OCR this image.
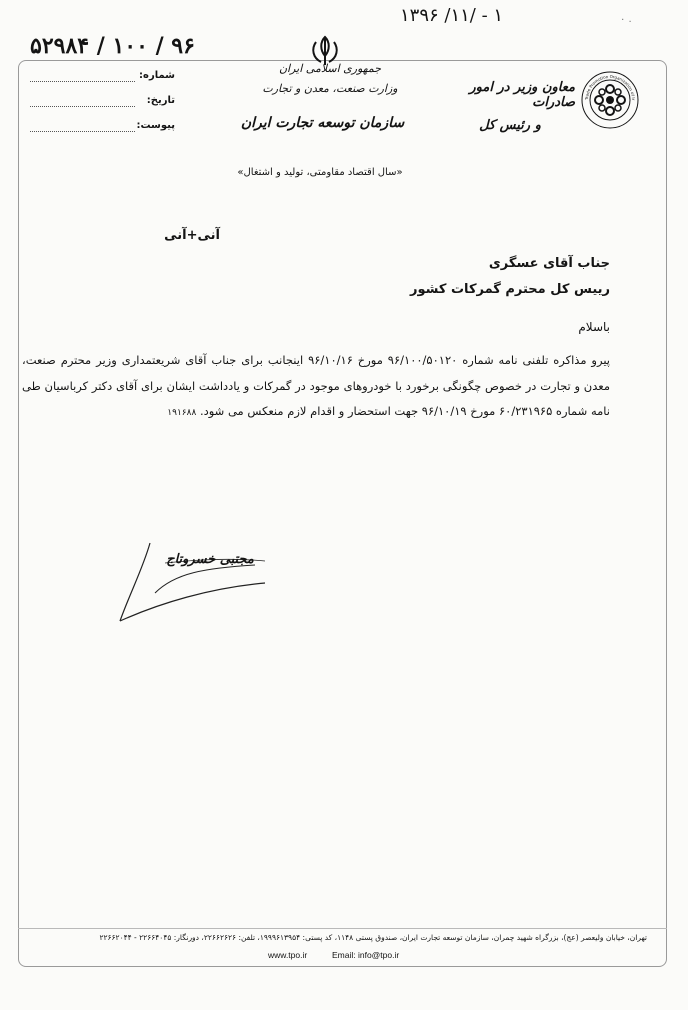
٠ .
۱۳۹۶ /۱۱/ - ۱
۹۶ / ۱۰۰ / ۵۲۹۸۴
جمهوری اسلامی ایران
وزارت صنعت، معدن و تجارت
سازمان توسعه تجارت ایران
معاون وزیر در امور صادرات
و رئیس کل
Trade Promotion Organization of Ir
شماره:
تاریخ:
پیوست:
«سال اقتصاد مقاومتی، تولید و اشتغال»
آنی+آنی
جناب آقای عسگری
رییس کل محترم گمرکات کشور
باسلام
پیرو مذاکره تلفنی نامه شماره ۹۶/۱۰۰/۵۰۱۲۰ مورخ ۹۶/۱۰/۱۶ اینجانب برای جناب آقای شریعتمداری وزیر محترم صنعت، معدن و تجارت در خصوص چگونگی برخورد با خودروهای موجود در گمرکات و یادداشت ایشان برای آقای دکتر کرباسیان طی نامه شماره ۶۰/۲۳۱۹۶۵ مورخ ۹۶/۱۰/۱۹ جهت استحضار و اقدام لازم منعکس می شود. ۱۹۱۶۸۸
مجتبی خسروتاج
تهران، خیابان ولیعصر (عج)، بزرگراه شهید چمران، سازمان توسعه تجارت ایران، صندوق پستی ۱۱۴۸، کد پستی: ۱۹۹۹۶۱۳۹۵۴، تلفن: ۲۲۶۶۲۶۲۶، دورنگار: ۲۲۶۶۴۰۴۵ - ۲۲۶۶۲۰۴۴
www.tpo.ir	Email: info@tpo.ir
